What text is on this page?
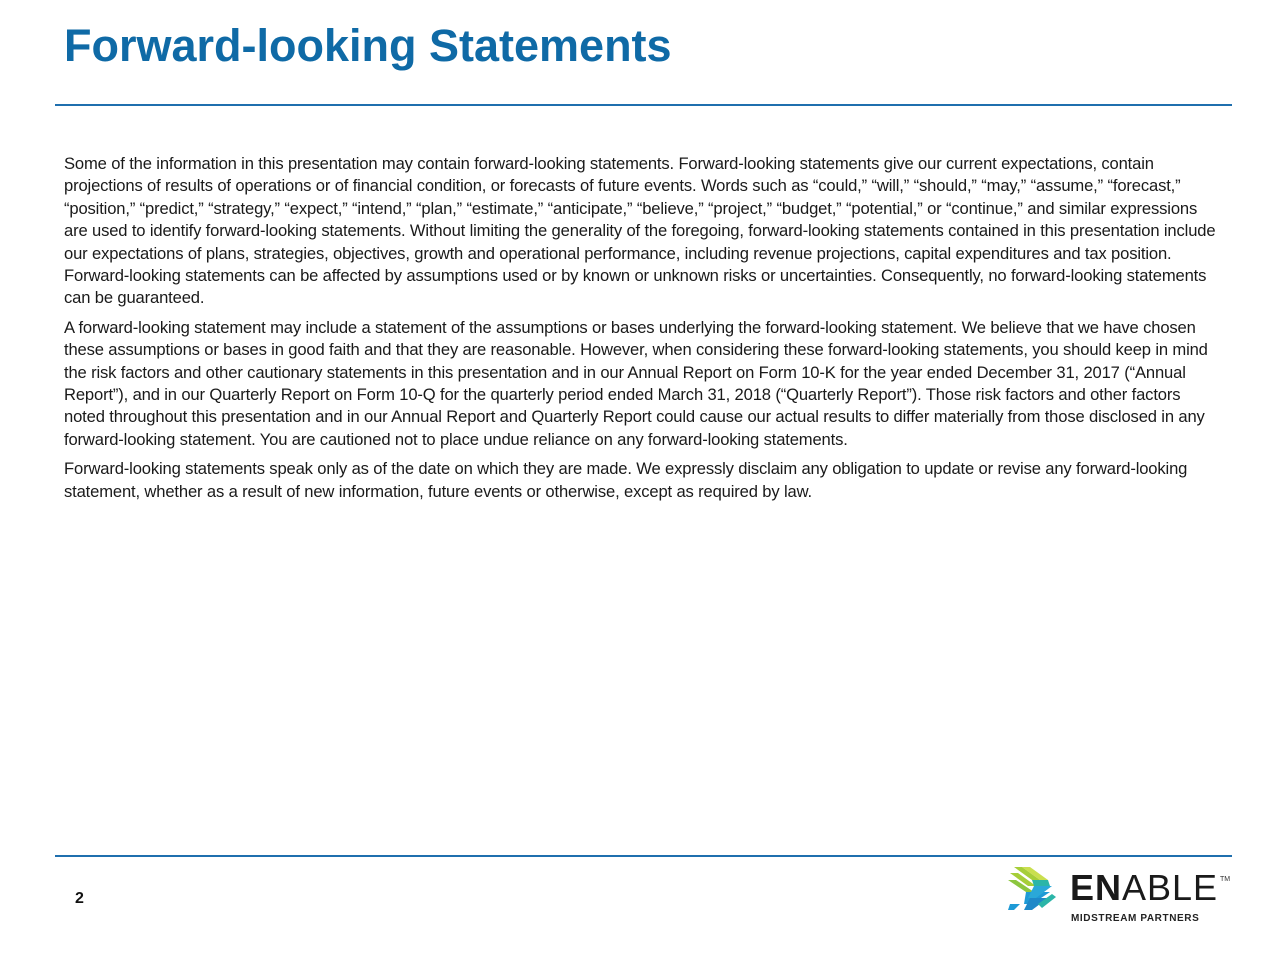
Forward-looking Statements

Some of the information in this presentation may contain forward-looking statements. Forward-looking statements give our current expectations, contain projections of results of operations or of financial condition, or forecasts of future events. Words such as “could,” “will,” “should,” “may,” “assume,” “forecast,” “position,” “predict,” “strategy,” “expect,” “intend,” “plan,” “estimate,” “anticipate,” “believe,” “project,” “budget,” “potential,” or “continue,” and similar expressions are used to identify forward-looking statements. Without limiting the generality of the foregoing, forward-looking statements contained in this presentation include our expectations of plans, strategies, objectives, growth and operational performance, including revenue projections, capital expenditures and tax position. Forward-looking statements can be affected by assumptions used or by known or unknown risks or uncertainties. Consequently, no forward-looking statements can be guaranteed.

A forward-looking statement may include a statement of the assumptions or bases underlying the forward-looking statement. We believe that we have chosen these assumptions or bases in good faith and that they are reasonable. However, when considering these forward-looking statements, you should keep in mind the risk factors and other cautionary statements in this presentation and in our Annual Report on Form 10-K for the year ended December 31, 2017 (“Annual Report”), and in our Quarterly Report on Form 10-Q for the quarterly period ended March 31, 2018 (“Quarterly Report”). Those risk factors and other factors noted throughout this presentation and in our Annual Report and Quarterly Report could cause our actual results to differ materially from those disclosed in any forward-looking statement. You are cautioned not to place undue reliance on any forward-looking statements.

Forward-looking statements speak only as of the date on which they are made. We expressly disclaim any obligation to update or revise any forward-looking statement, whether as a result of new information, future events or otherwise, except as required by law.

2	ENABLE TM
MIDSTREAM PARTNERS
